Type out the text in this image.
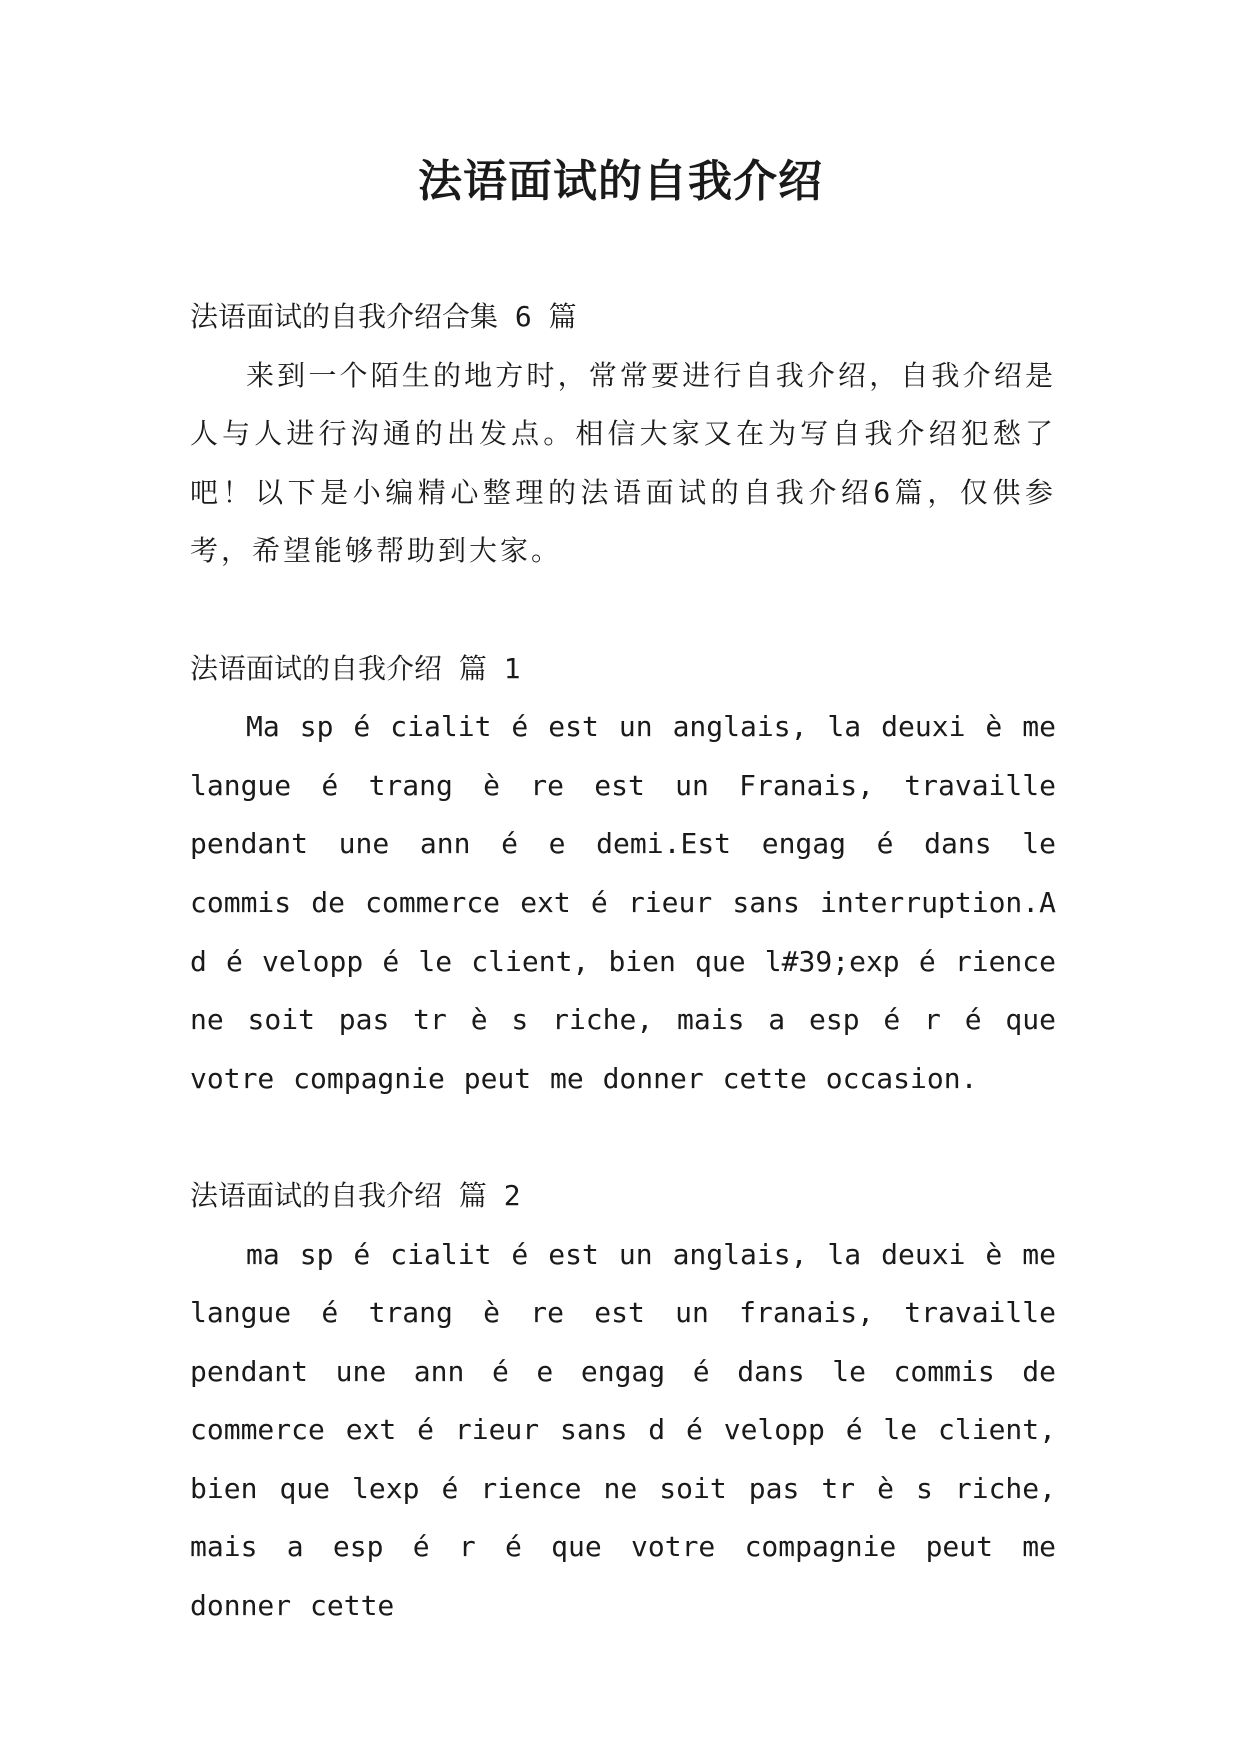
法语面试的自我介绍

法语面试的自我介绍合集 6 篇

来到一个陌生的地方时，常常要进行自我介绍，自我介绍是人与人进行沟通的出发点。相信大家又在为写自我介绍犯愁了吧！以下是小编精心整理的法语面试的自我介绍6篇，仅供参考，希望能够帮助到大家。

法语面试的自我介绍 篇 1

Ma sp é cialit é est un anglais, la deuxi è me langue é trang è re est un Franais, travaille pendant une ann é e demi.Est engag é dans le commis de commerce ext é rieur sans interruption.A d é velopp é le client, bien que l#39;exp é rience ne soit pas tr è s riche, mais a esp é r é que votre compagnie peut me donner cette occasion.

法语面试的自我介绍 篇 2

ma sp é cialit é est un anglais, la deuxi è me langue é trang è re est un franais, travaille pendant une ann é e engag é dans le commis de commerce ext é rieur sans d é velopp é le client, bien que lexp é rience ne soit pas tr è s riche, mais a esp é r é que votre compagnie peut me donner cette
